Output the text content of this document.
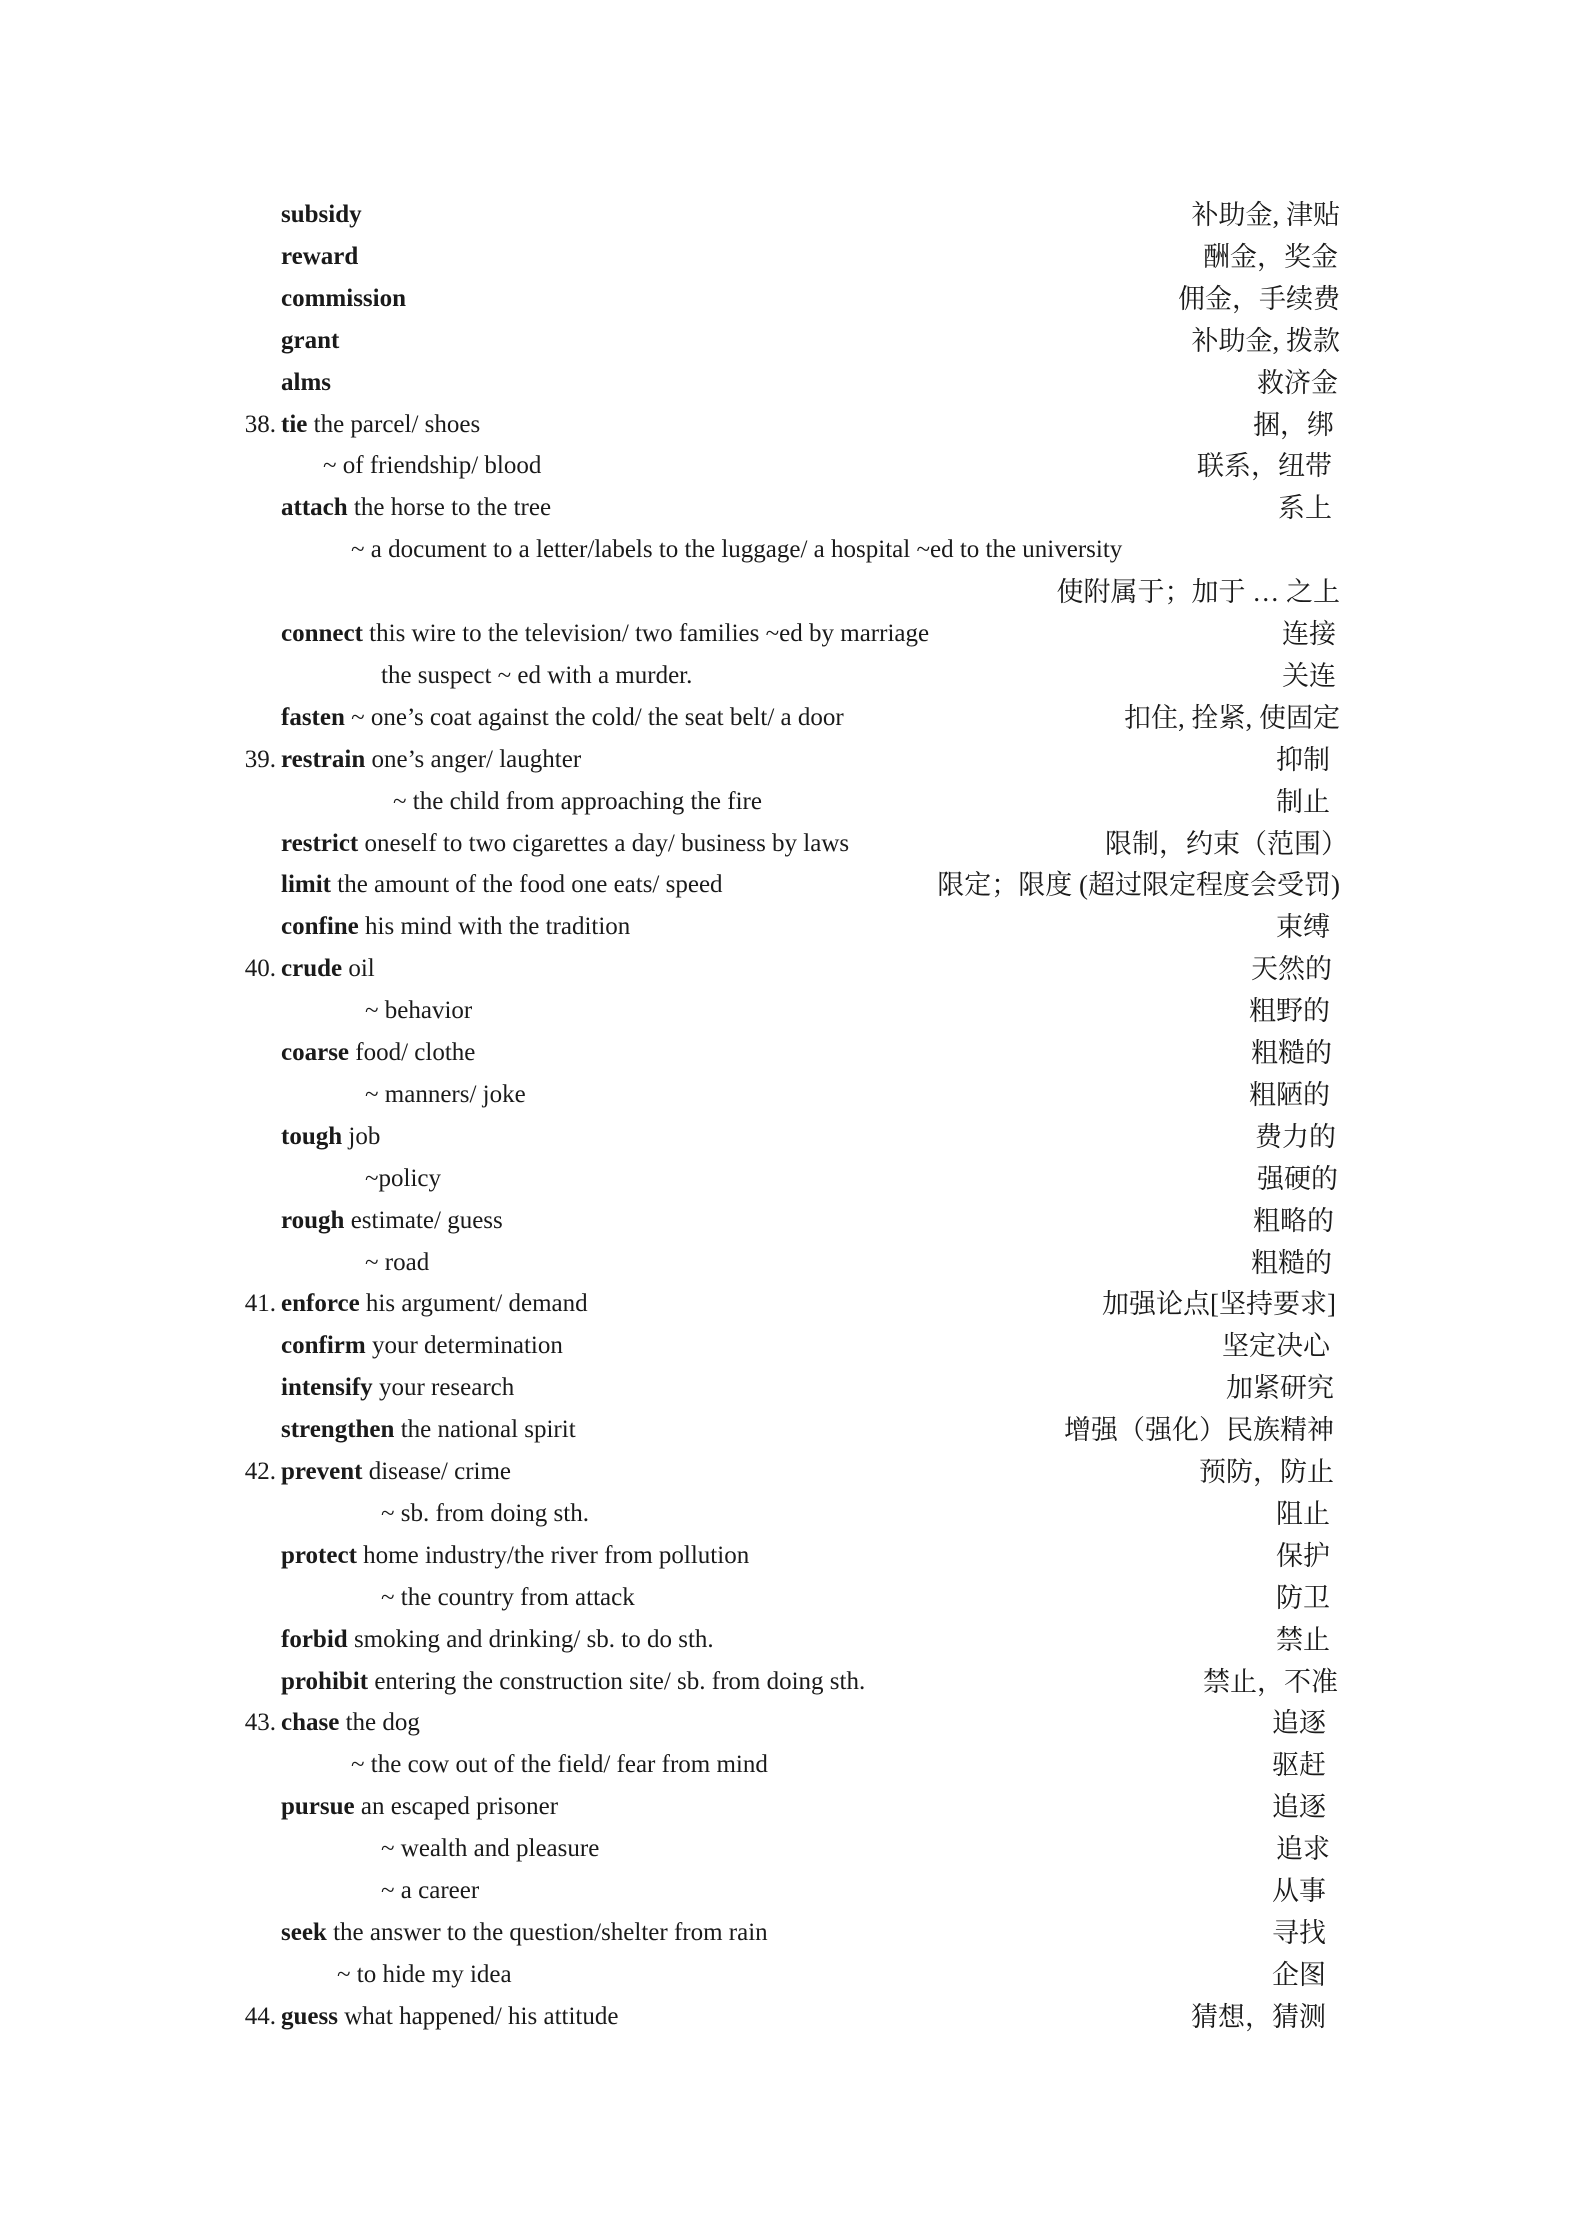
subsidy	补助金, 津贴
reward	酬金，奖金
commission	佣金，手续费
grant	补助金, 拨款
alms	救济金
38. tie the parcel/ shoes	捆，绑
~ of friendship/ blood	联系，纽带
attach the horse to the tree	系上
~ a document to a letter/labels to the luggage/ a hospital ~ed to the university
使附属于；加于 … 之上
connect this wire to the television/ two families ~ed by marriage	连接
the suspect ~ ed with a murder.	关连
fasten ~ one’s coat against the cold/ the seat belt/ a door	扣住, 拴紧, 使固定
39. restrain one’s anger/ laughter	抑制
~ the child from approaching the fire	制止
restrict oneself to two cigarettes a day/ business by laws	限制，约束（范围）
limit the amount of the food one eats/ speed	限定；限度 (超过限定程度会受罚)
confine his mind with the tradition	束缚
40. crude oil	天然的
~ behavior	粗野的
coarse food/ clothe	粗糙的
~ manners/ joke	粗陋的
tough job	费力的
~policy	强硬的
rough estimate/ guess	粗略的
~ road	粗糙的
41. enforce his argument/ demand	加强论点[坚持要求]
confirm your determination	坚定决心
intensify your research	加紧研究
strengthen the national spirit	增强（强化）民族精神
42. prevent disease/ crime	预防，防止
~ sb. from doing sth.	阻止
protect home industry/the river from pollution	保护
~ the country from attack	防卫
forbid smoking and drinking/ sb. to do sth.	禁止
prohibit entering the construction site/ sb. from doing sth.	禁止，不准
43. chase the dog	追逐
~ the cow out of the field/ fear from mind	驱赶
pursue an escaped prisoner	追逐
~ wealth and pleasure	追求
~ a career	从事
seek the answer to the question/shelter from rain	寻找
~ to hide my idea	企图
44. guess what happened/ his attitude	猜想，猜测
